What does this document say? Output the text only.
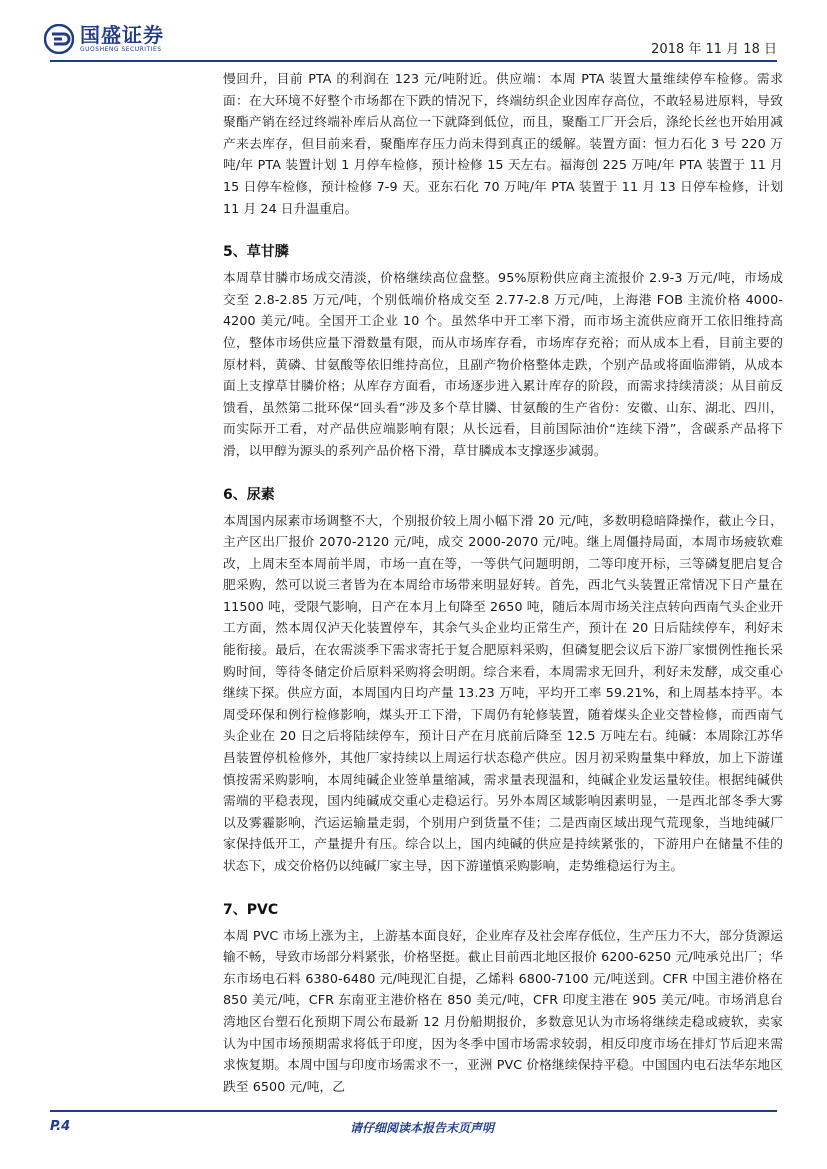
国盛证券
GUOSHENG SECURITIES	2018 年 11 月 18 日

慢回升，目前 PTA 的利润在 123 元/吨附近。供应端：本周 PTA 装置大量维续停车检修。需求面：在大环境不好整个市场都在下跌的情况下，终端纺织企业因库存高位，不敢轻易进原料，导致聚酯产销在经过终端补库后从高位一下就降到低位，而且，聚酯工厂开会后，涤纶长丝也开始用减产来去库存，但目前来看，聚酯库存压力尚未得到真正的缓解。装置方面：恒力石化 3 号 220 万吨/年 PTA 装置计划 1 月停车检修，预计检修 15 天左右。福海创 225 万吨/年 PTA 装置于 11 月 15 日停车检修，预计检修 7-9 天。亚东石化 70 万吨/年 PTA 装置于 11 月 13 日停车检修，计划 11 月 24 日升温重启。

5、草甘膦

本周草甘膦市场成交清淡，价格继续高位盘整。95%原粉供应商主流报价 2.9-3 万元/吨，市场成交至 2.8-2.85 万元/吨，个别低端价格成交至 2.77-2.8 万元/吨，上海港 FOB 主流价格 4000-4200 美元/吨。全国开工企业 10 个。虽然华中开工率下滑，而市场主流供应商开工依旧维持高位，整体市场供应量下滑数量有限，而从市场库存看，市场库存充裕；而从成本上看，目前主要的原材料，黄磷、甘氨酸等依旧维持高位，且副产物价格整体走跌，个别产品或将面临滞销，从成本面上支撑草甘膦价格；从库存方面看，市场逐步进入累计库存的阶段，而需求持续清淡；从目前反馈看，虽然第二批环保“回头看”涉及多个草甘膦、甘氨酸的生产省份：安徽、山东、湖北、四川，而实际开工看，对产品供应端影响有限；从长远看，目前国际油价“连续下滑”，含碳系产品将下滑，以甲醇为源头的系列产品价格下滑，草甘膦成本支撑逐步减弱。

6、尿素

本周国内尿素市场调整不大，个别报价较上周小幅下滑 20 元/吨，多数明稳暗降操作，截止今日，主产区出厂报价 2070-2120 元/吨，成交 2000-2070 元/吨。继上周僵持局面，本周市场疲软难改，上周末至本周前半周，市场一直在等，一等供气问题明朗，二等印度开标，三等磷复肥启复合肥采购，然可以说三者皆为在本周给市场带来明显好转。首先，西北气头装置正常情况下日产量在 11500 吨，受限气影响，日产在本月上旬降至 2650 吨，随后本周市场关注点转向西南气头企业开工方面，然本周仅泸天化装置停车，其余气头企业均正常生产，预计在 20 日后陆续停车，利好未能衔接。最后，在农需淡季下需求寄托于复合肥原料采购，但磷复肥会议后下游厂家惯例性拖长采购时间，等待冬储定价后原料采购将会明朗。综合来看，本周需求无回升，利好未发酵，成交重心继续下探。供应方面，本周国内日均产量 13.23 万吨，平均开工率 59.21%，和上周基本持平。本周受环保和例行检修影响，煤头开工下滑，下周仍有轮修装置，随着煤头企业交替检修，而西南气头企业在 20 日之后将陆续停车，预计日产在月底前后降至 12.5 万吨左右。纯碱：本周除江苏华昌装置停机检修外，其他厂家持续以上周运行状态稳产供应。因月初采购量集中释放，加上下游谨慎按需采购影响，本周纯碱企业签单量缩减，需求量表现温和，纯碱企业发运量较佳。根据纯碱供需端的平稳表现，国内纯碱成交重心走稳运行。另外本周区域影响因素明显，一是西北部冬季大雾以及雾霾影响，汽运运输量走弱，个别用户到货量不佳；二是西南区域出现气荒现象，当地纯碱厂家保持低开工，产量提升有压。综合以上，国内纯碱的供应是持续紧张的，下游用户在储量不佳的状态下，成交价格仍以纯碱厂家主导，因下游谨慎采购影响，走势维稳运行为主。

7、PVC

本周 PVC 市场上涨为主，上游基本面良好，企业库存及社会库存低位，生产压力不大，部分货源运输不畅，导致市场部分料紧张，价格坚挺。截止目前西北地区报价 6200-6250 元/吨承兑出厂；华东市场电石料 6380-6480 元/吨现汇自提，乙烯料 6800-7100 元/吨送到。CFR 中国主港价格在 850 美元/吨，CFR 东南亚主港价格在 850 美元/吨，CFR 印度主港在 905 美元/吨。市场消息台湾地区台塑石化预期下周公布最新 12 月份船期报价，多数意见认为市场将继续走稳或疲软，卖家认为中国市场预期需求将低于印度，因为冬季中国市场需求较弱，相反印度市场在排灯节后迎来需求恢复期。本周中国与印度市场需求不一，亚洲 PVC 价格继续保持平稳。中国国内电石法华东地区跌至 6500 元/吨，乙

P.4	请仔细阅读本报告末页声明
